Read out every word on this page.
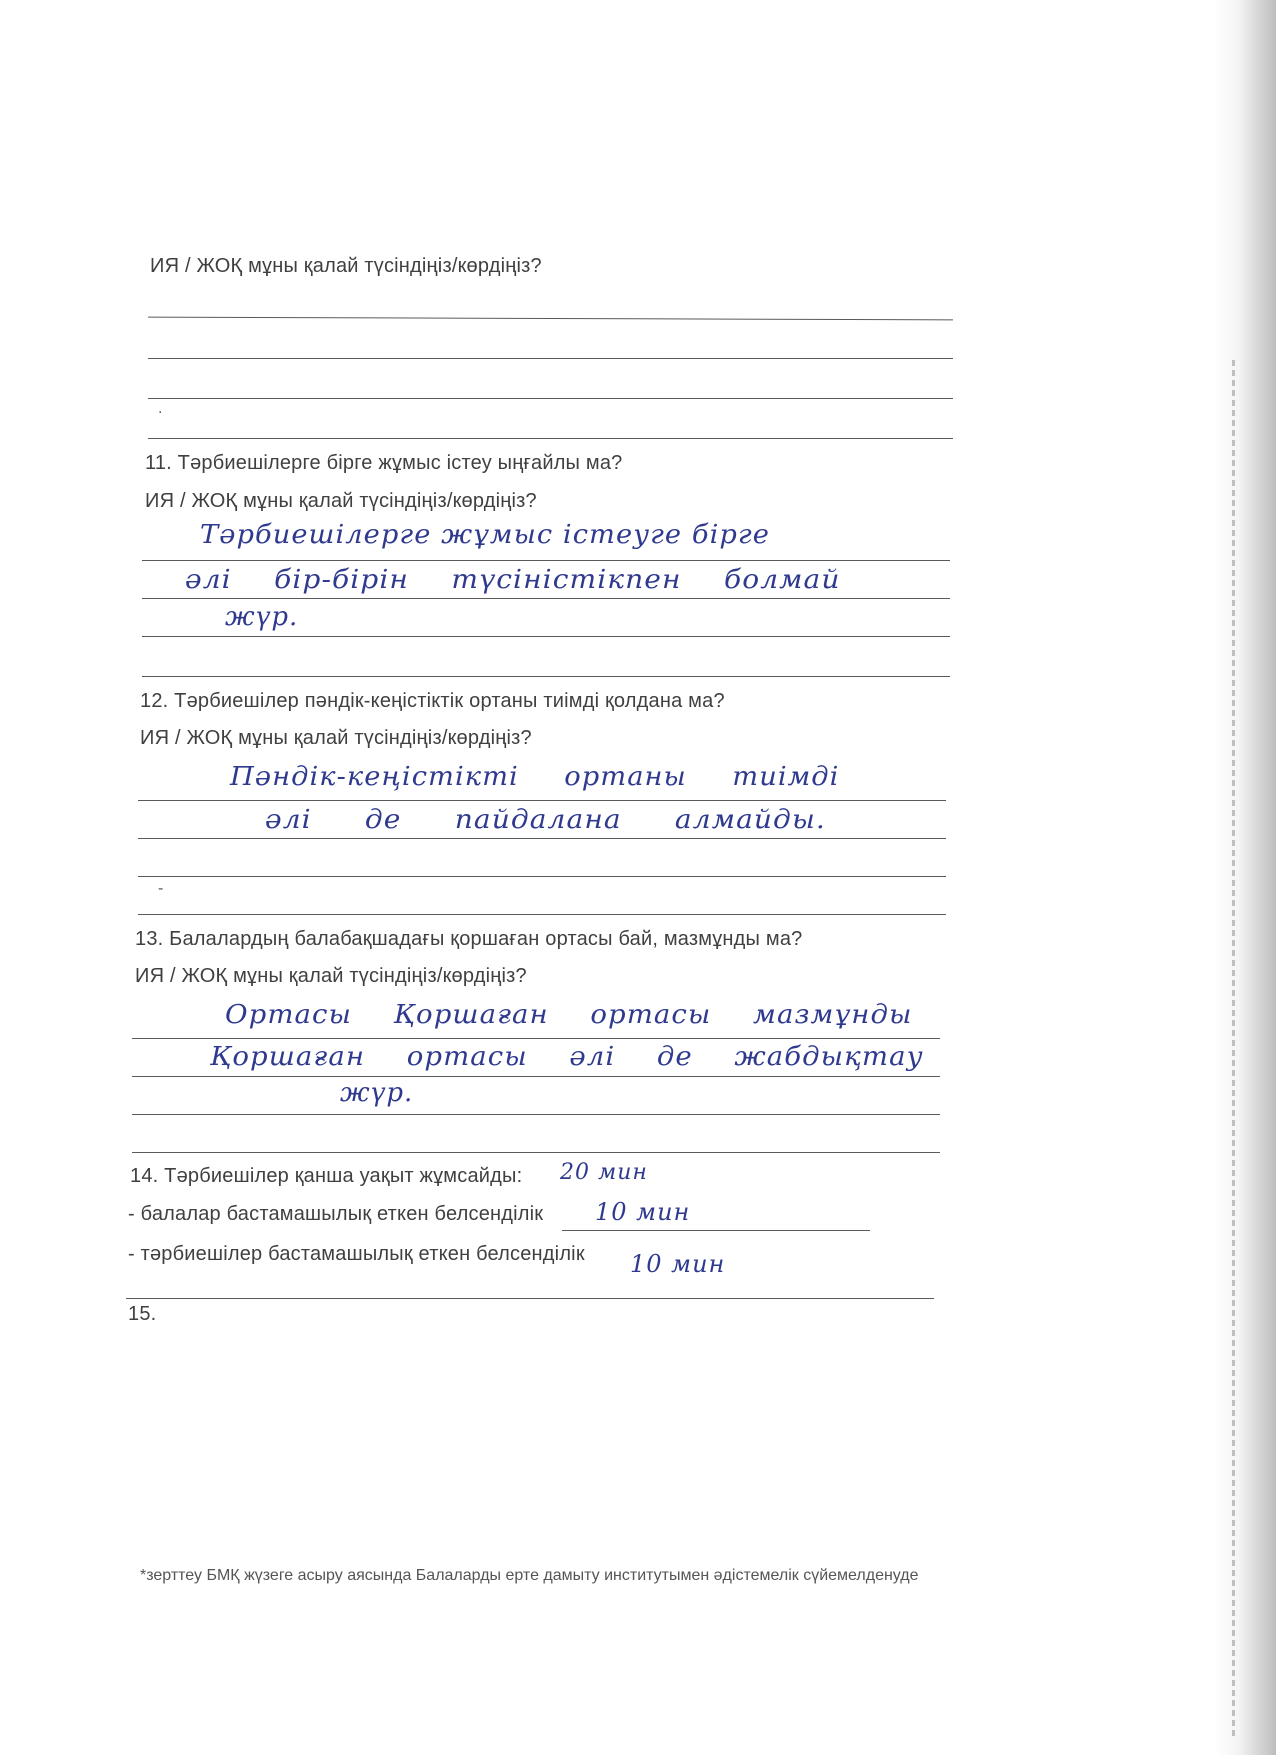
ИЯ / ЖОҚ мұны қалай түсіндіңіз/көрдіңіз?
.
11. Тәрбиешілерге бірге жұмыс істеу ыңғайлы ма?
ИЯ / ЖОҚ мұны қалай түсіндіңіз/көрдіңіз?
Тәрбиешілерге жұмыс істеуге бірге
әлі бір-бірін түсіністікпен болмай
жүр.
12. Тәрбиешілер пәндік-кеңістіктік ортаны тиімді қолдана ма?
ИЯ / ЖОҚ мұны қалай түсіндіңіз/көрдіңіз?
Пәндік-кеңістікті ортаны тиімді
әлі де пайдалана алмайды.
-
13. Балалардың балабақшадағы қоршаған ортасы бай, мазмұнды ма?
ИЯ / ЖОҚ мұны қалай түсіндіңіз/көрдіңіз?
Ортасы Қоршаған ортасы мазмұнды
Қоршаған ортасы әлі де жабдықтау
жүр.
14. Тәрбиешілер қанша уақыт жұмсайды: 20 мин
- балалар бастамашылық еткен белсенділік 10 мин
- тәрбиешілер бастамашылық еткен белсенділік 10 мин
15.
*зерттеу БМҚ жүзеге асыру аясында Балаларды ерте дамыту институтымен әдістемелік сүйемелденуде
